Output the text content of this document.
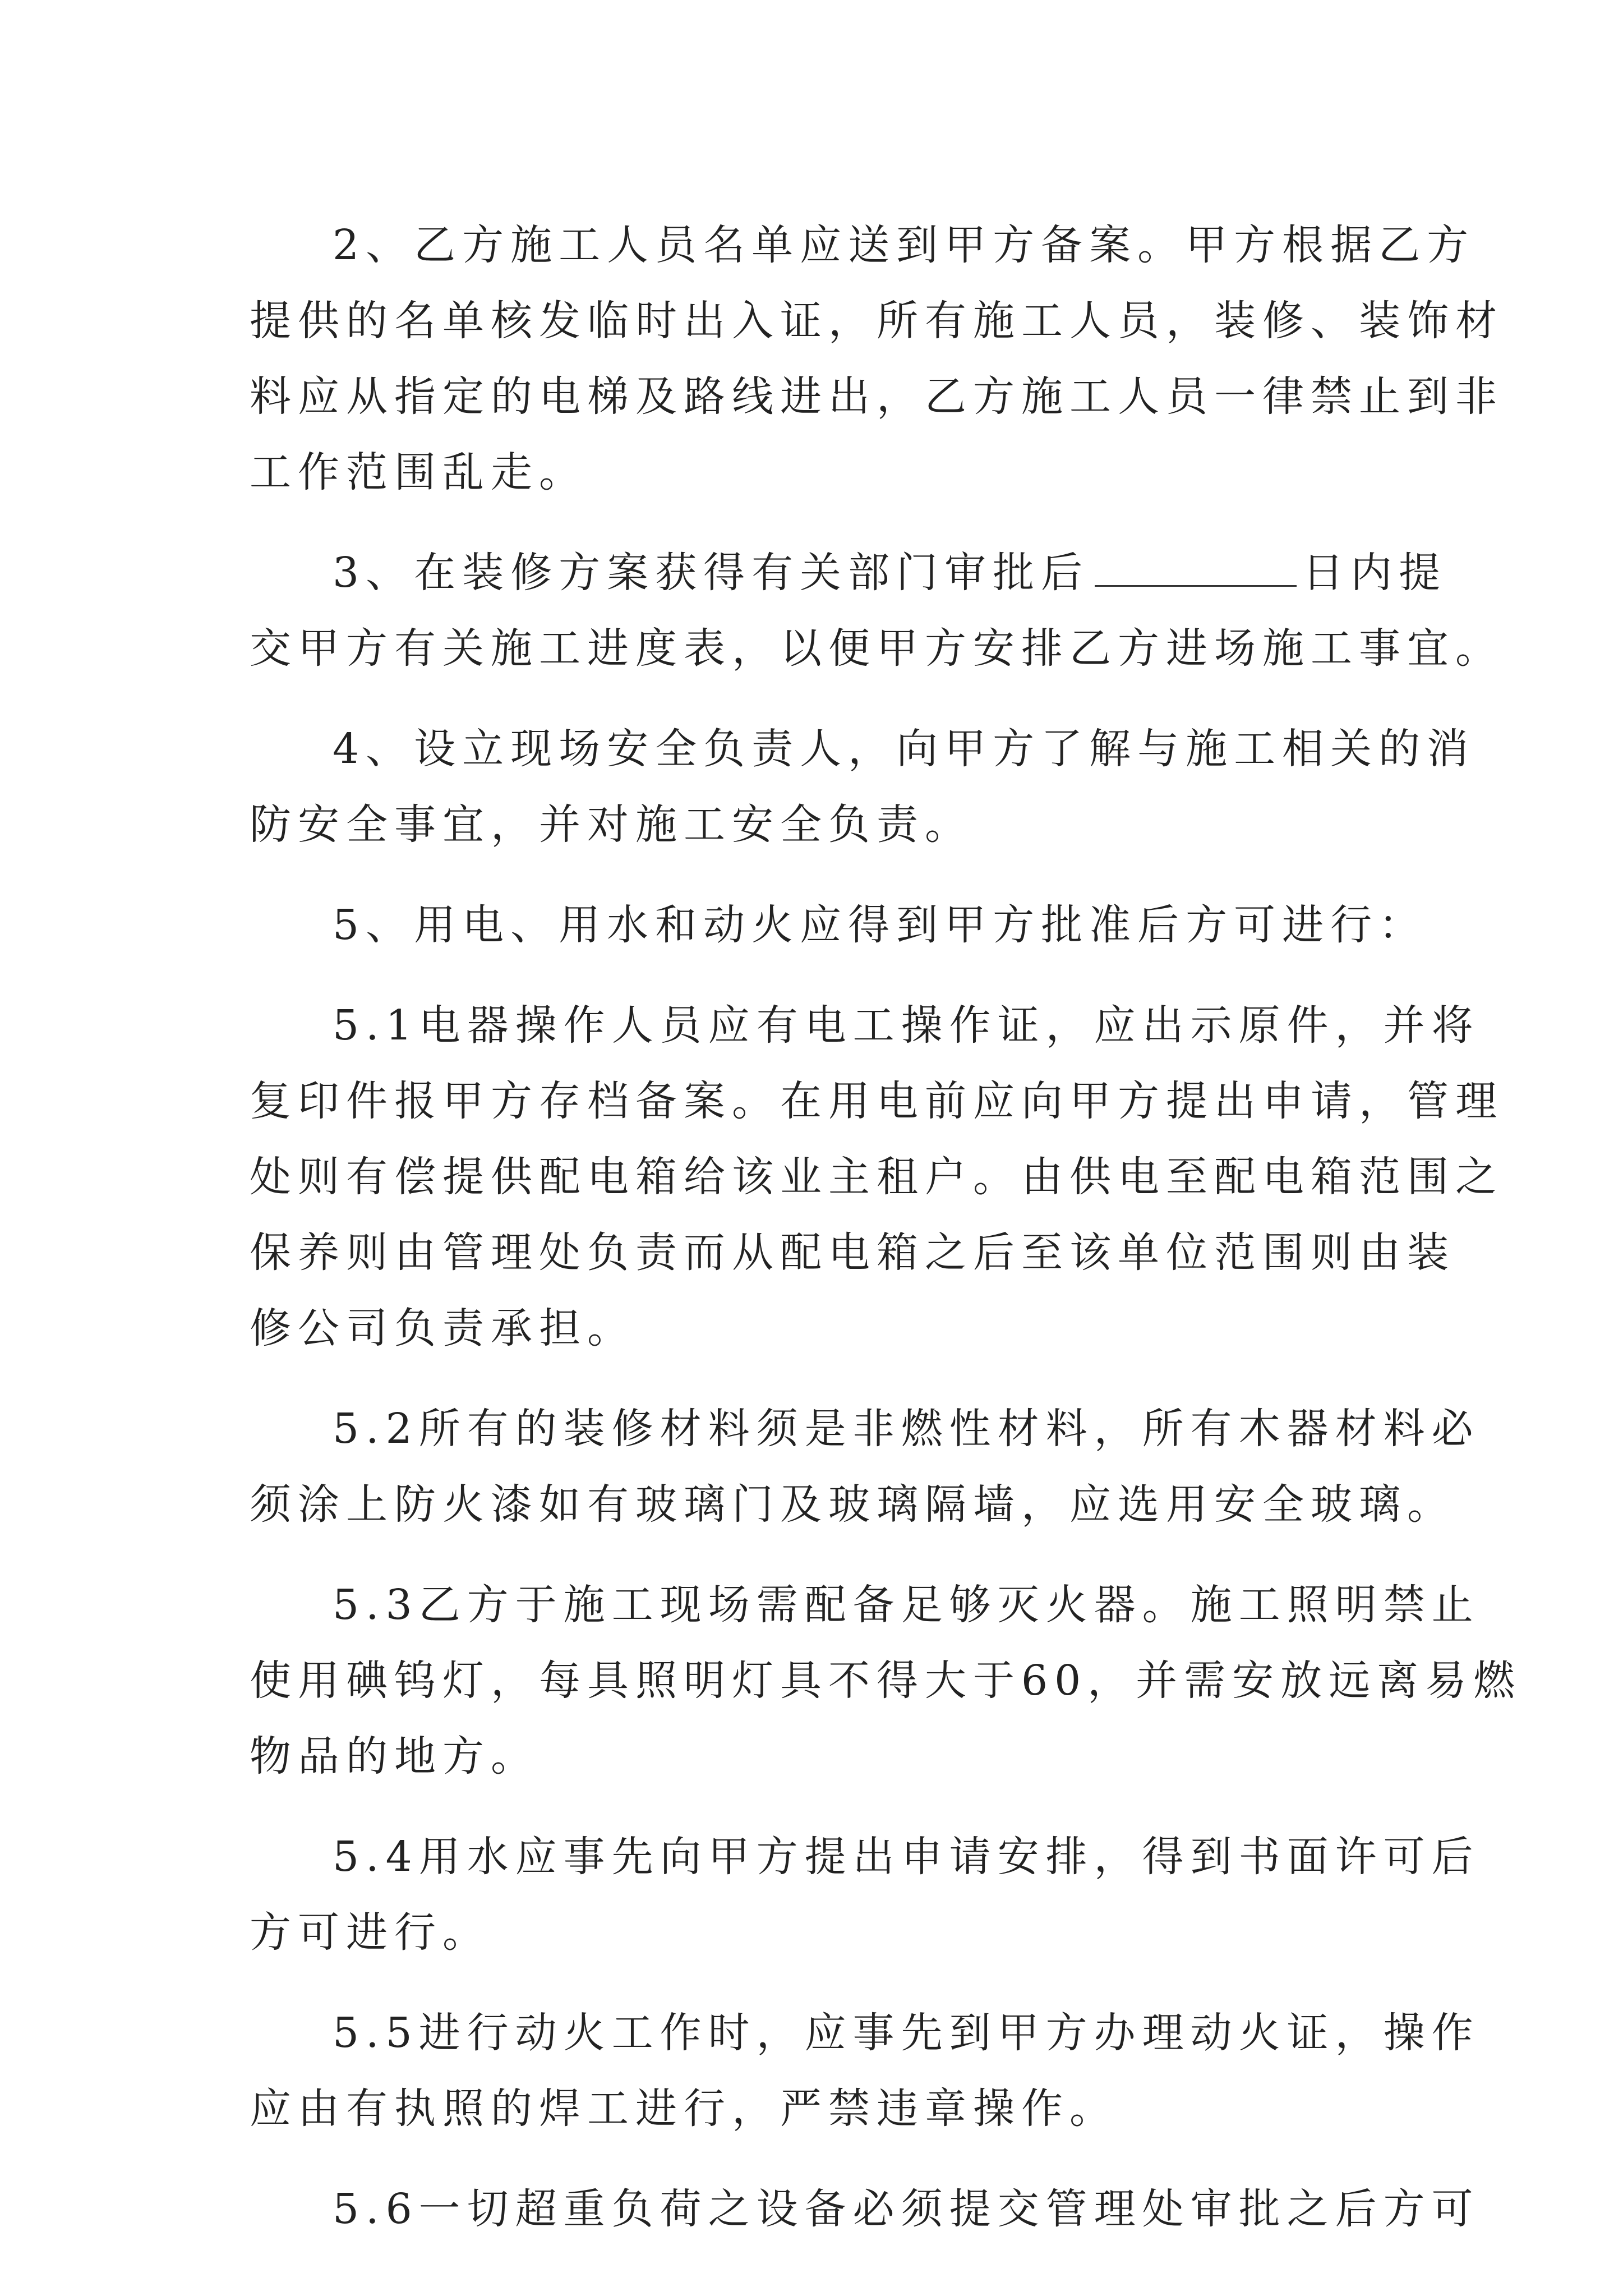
2、乙方施工人员名单应送到甲方备案。甲方根据乙方
提供的名单核发临时出入证，所有施工人员，装修、装饰材
料应从指定的电梯及路线进出，乙方施工人员一律禁止到非
工作范围乱走。
3、在装修方案获得有关部门审批后	日内提
交甲方有关施工进度表，以便甲方安排乙方进场施工事宜。
4、设立现场安全负责人，向甲方了解与施工相关的消
防安全事宜，并对施工安全负责。
5、用电、用水和动火应得到甲方批准后方可进行：
5.1电器操作人员应有电工操作证，应出示原件，并将
复印件报甲方存档备案。在用电前应向甲方提出申请，管理
处则有偿提供配电箱给该业主租户。由供电至配电箱范围之
保养则由管理处负责而从配电箱之后至该单位范围则由装
修公司负责承担。
5.2所有的装修材料须是非燃性材料，所有木器材料必
须涂上防火漆如有玻璃门及玻璃隔墙，应选用安全玻璃。
5.3乙方于施工现场需配备足够灭火器。施工照明禁止
使用碘钨灯，每具照明灯具不得大于60，并需安放远离易燃
物品的地方。
5.4用水应事先向甲方提出申请安排，得到书面许可后
方可进行。
5.5进行动火工作时，应事先到甲方办理动火证，操作
应由有执照的焊工进行，严禁违章操作。
5.6一切超重负荷之设备必须提交管理处审批之后方可
